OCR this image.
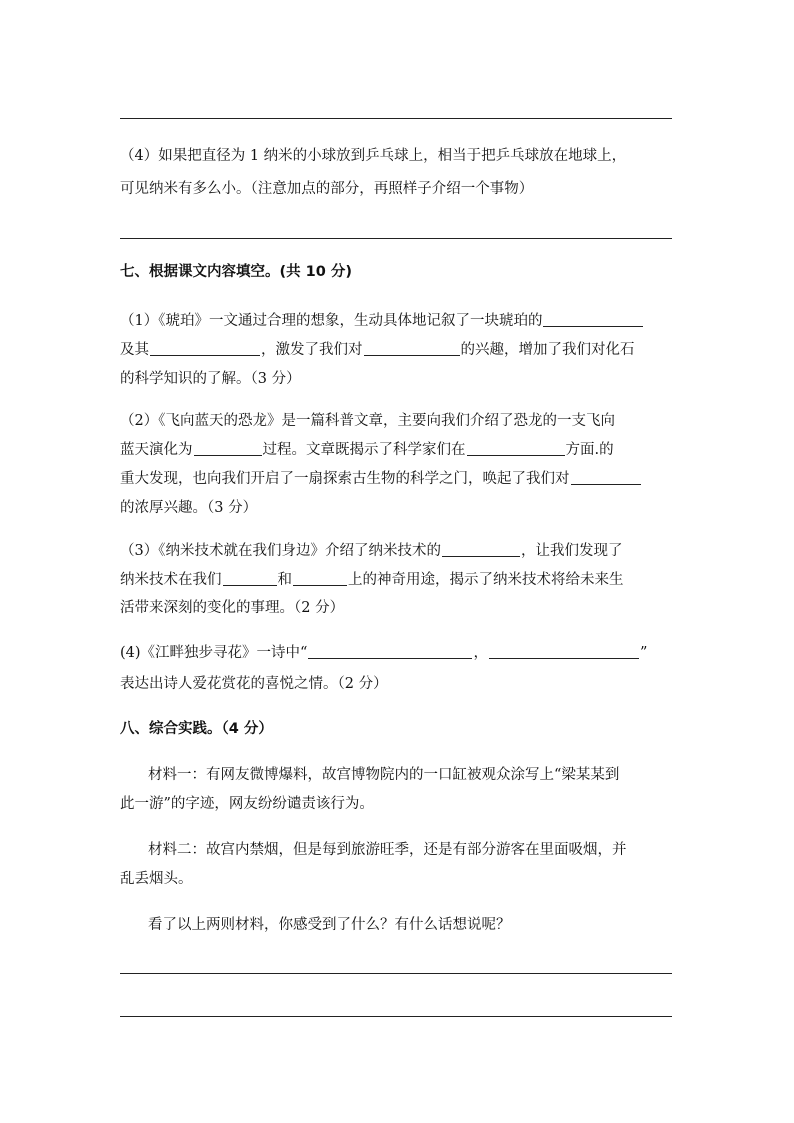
（4）如果把直径为 1 纳米的小球放到乒乓球上，相当于把乒乓球放在地球上，
可见纳米有多么小。（注意加点的部分，再照样子介绍一个事物）
七、根据课文内容填空。(共 10 分)
（1）《琥珀》一文通过合理的想象，生动具体地记叙了一块琥珀的
及其	，激发了我们对	的兴趣，增加了我们对化石
的科学知识的了解。（3 分）
（2）《飞向蓝天的恐龙》是一篇科普文章，主要向我们介绍了恐龙的一支飞向
蓝天演化为	过程。文章既揭示了科学家们在	方面.的
重大发现，也向我们开启了一扇探索古生物的科学之门，唤起了我们对
的浓厚兴趣。（3 分）
（3）《纳米技术就在我们身边》介绍了纳米技术的	，让我们发现了
纳米技术在我们	和	上的神奇用途，揭示了纳米技术将给未来生
活带来深刻的变化的事理。（2 分）
(4)《江畔独步寻花》一诗中“	，	”
表达出诗人爱花赏花的喜悦之情。（2 分）
八、综合实践。（4 分）
材料一：有网友微博爆料，故宫博物院内的一口缸被观众涂写上“梁某某到
此一游”的字迹，网友纷纷谴责该行为。
材料二：故宫内禁烟，但是每到旅游旺季，还是有部分游客在里面吸烟，并
乱丢烟头。
看了以上两则材料，你感受到了什么？有什么话想说呢？
